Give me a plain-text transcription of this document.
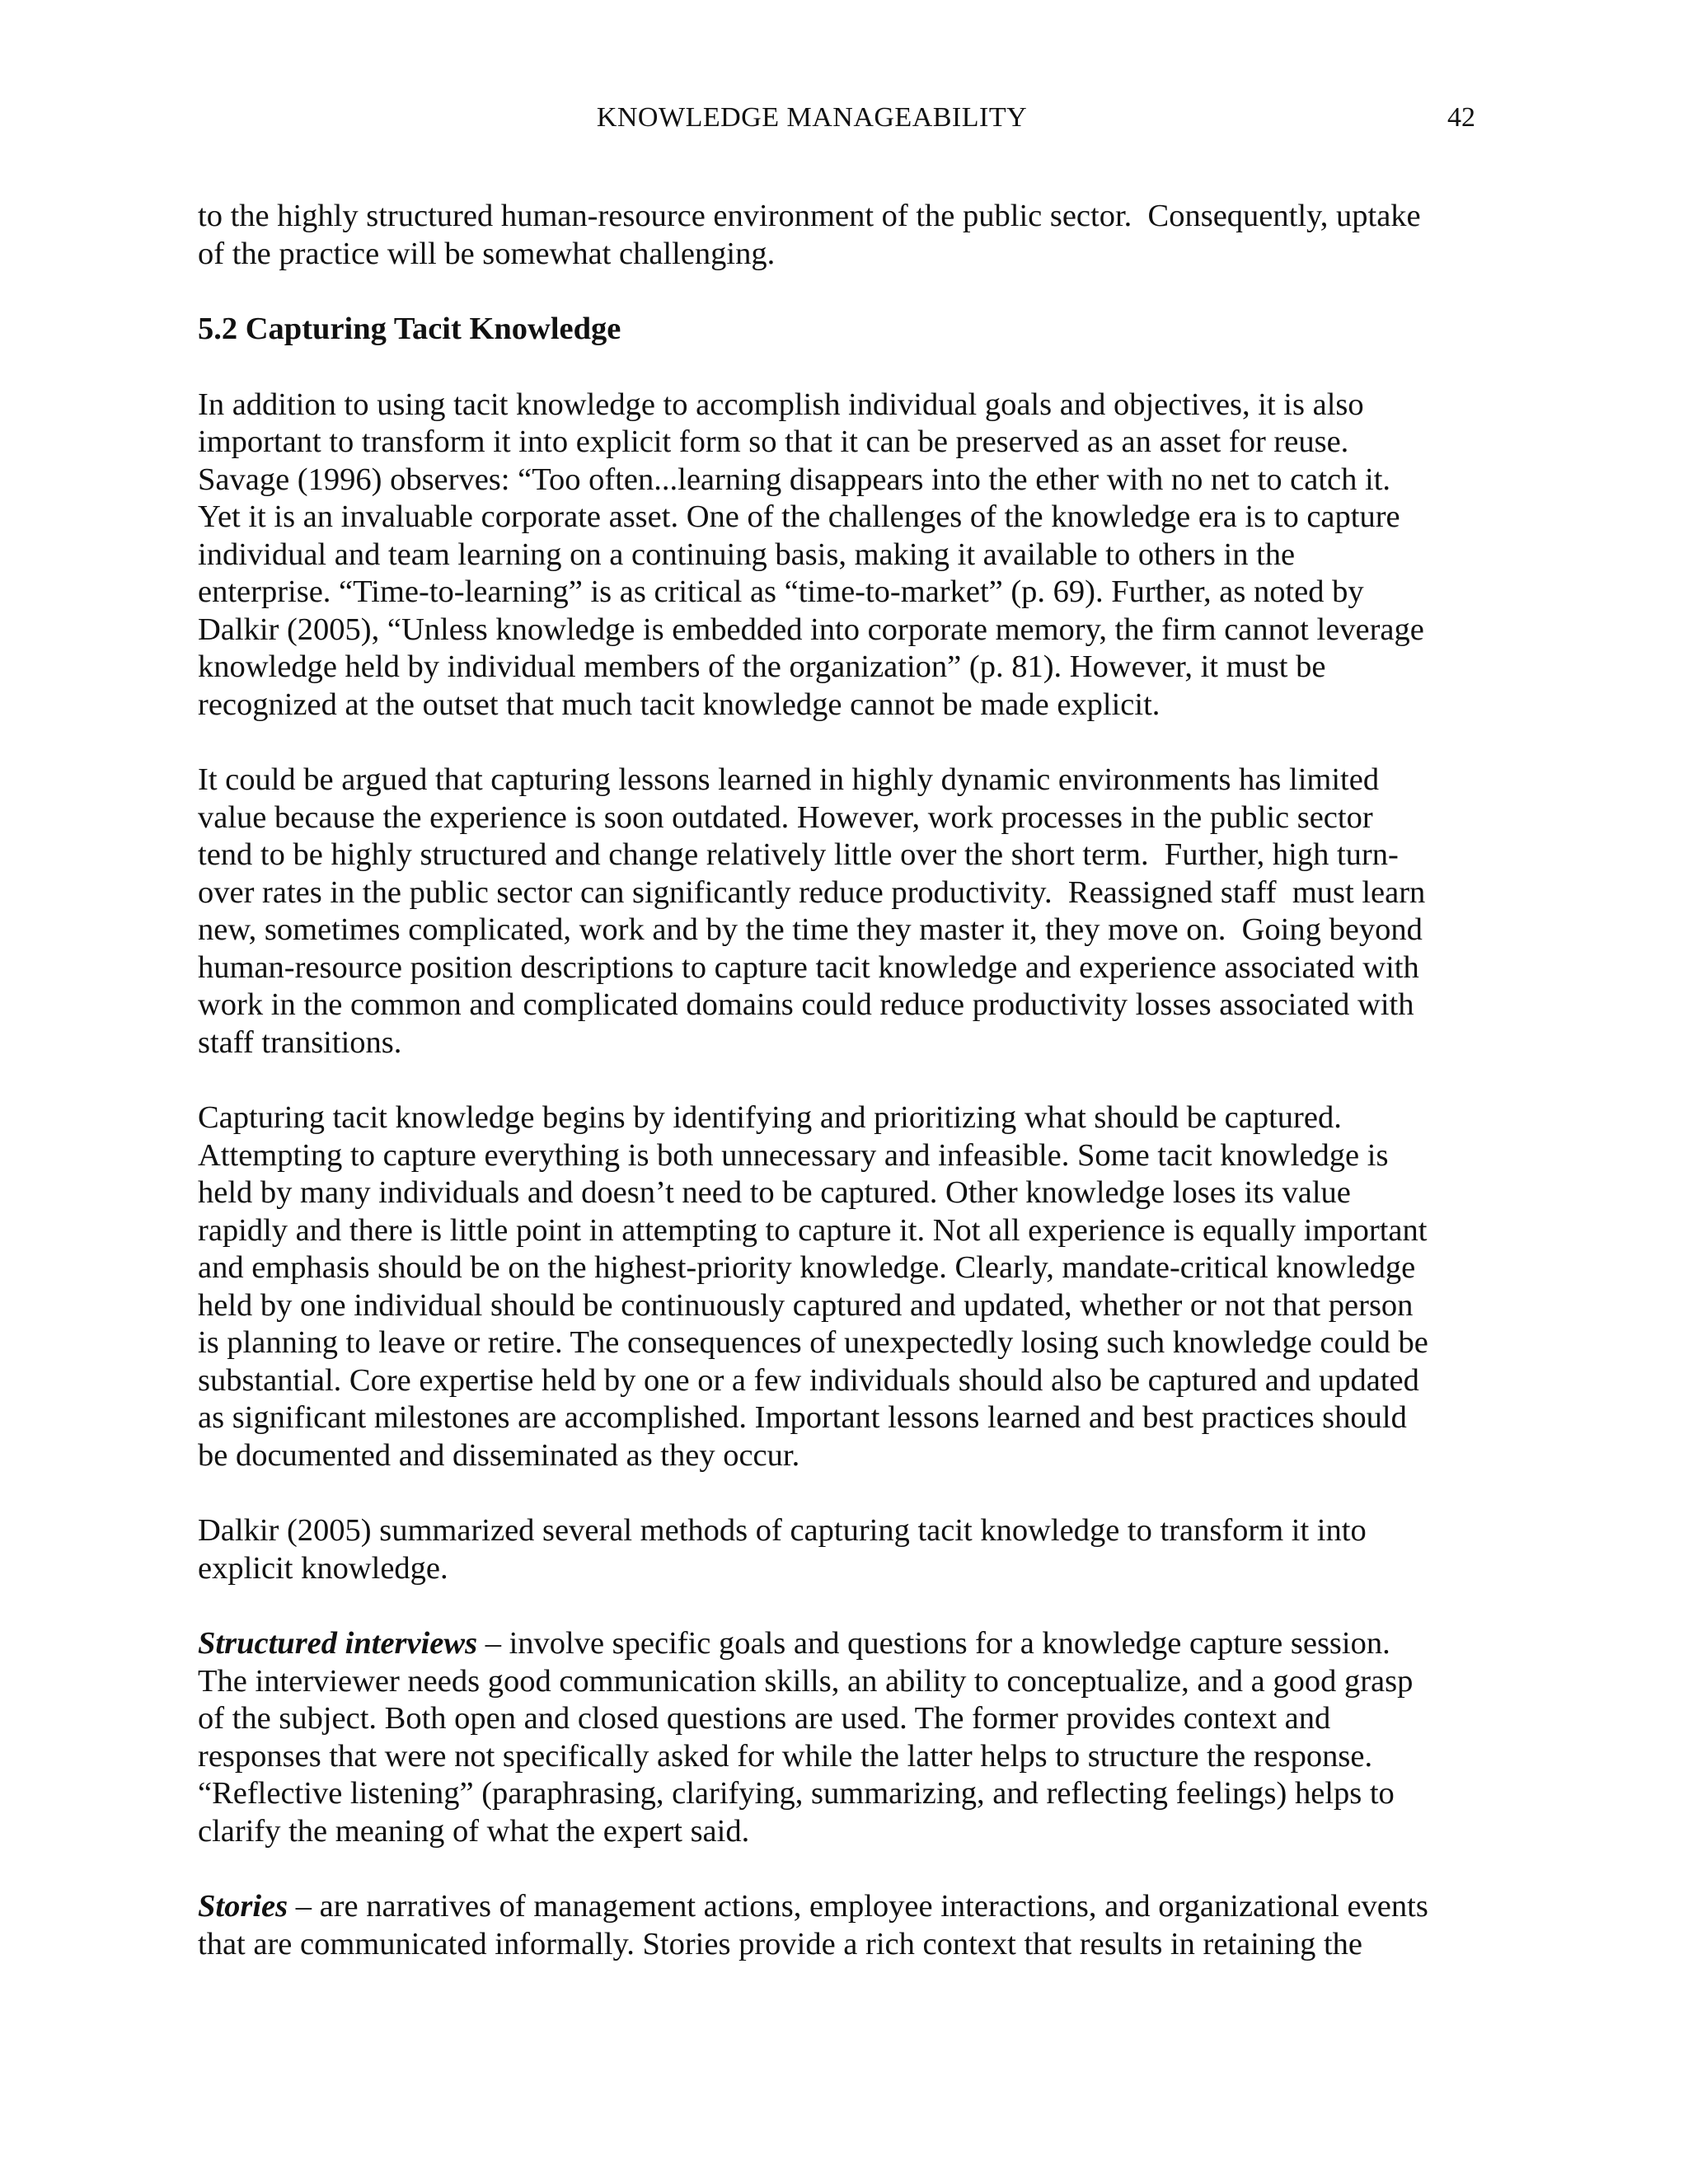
KNOWLEDGE MANAGEABILITY	42

to the highly structured human-resource environment of the public sector.  Consequently, uptake
of the practice will be somewhat challenging.

5.2 Capturing Tacit Knowledge

In addition to using tacit knowledge to accomplish individual goals and objectives, it is also
important to transform it into explicit form so that it can be preserved as an asset for reuse.
Savage (1996) observes: “Too often...learning disappears into the ether with no net to catch it.
Yet it is an invaluable corporate asset. One of the challenges of the knowledge era is to capture
individual and team learning on a continuing basis, making it available to others in the
enterprise. “Time-to-learning” is as critical as “time-to-market” (p. 69). Further, as noted by
Dalkir (2005), “Unless knowledge is embedded into corporate memory, the firm cannot leverage
knowledge held by individual members of the organization” (p. 81). However, it must be
recognized at the outset that much tacit knowledge cannot be made explicit.

It could be argued that capturing lessons learned in highly dynamic environments has limited
value because the experience is soon outdated. However, work processes in the public sector
tend to be highly structured and change relatively little over the short term.  Further, high turn-
over rates in the public sector can significantly reduce productivity.  Reassigned staff  must learn
new, sometimes complicated, work and by the time they master it, they move on.  Going beyond
human-resource position descriptions to capture tacit knowledge and experience associated with
work in the common and complicated domains could reduce productivity losses associated with
staff transitions.

Capturing tacit knowledge begins by identifying and prioritizing what should be captured.
Attempting to capture everything is both unnecessary and infeasible. Some tacit knowledge is
held by many individuals and doesn’t need to be captured. Other knowledge loses its value
rapidly and there is little point in attempting to capture it. Not all experience is equally important
and emphasis should be on the highest-priority knowledge. Clearly, mandate-critical knowledge
held by one individual should be continuously captured and updated, whether or not that person
is planning to leave or retire. The consequences of unexpectedly losing such knowledge could be
substantial. Core expertise held by one or a few individuals should also be captured and updated
as significant milestones are accomplished. Important lessons learned and best practices should
be documented and disseminated as they occur.

Dalkir (2005) summarized several methods of capturing tacit knowledge to transform it into
explicit knowledge.

Structured interviews – involve specific goals and questions for a knowledge capture session.
The interviewer needs good communication skills, an ability to conceptualize, and a good grasp
of the subject. Both open and closed questions are used. The former provides context and
responses that were not specifically asked for while the latter helps to structure the response.
“Reflective listening” (paraphrasing, clarifying, summarizing, and reflecting feelings) helps to
clarify the meaning of what the expert said.

Stories – are narratives of management actions, employee interactions, and organizational events
that are communicated informally. Stories provide a rich context that results in retaining the
